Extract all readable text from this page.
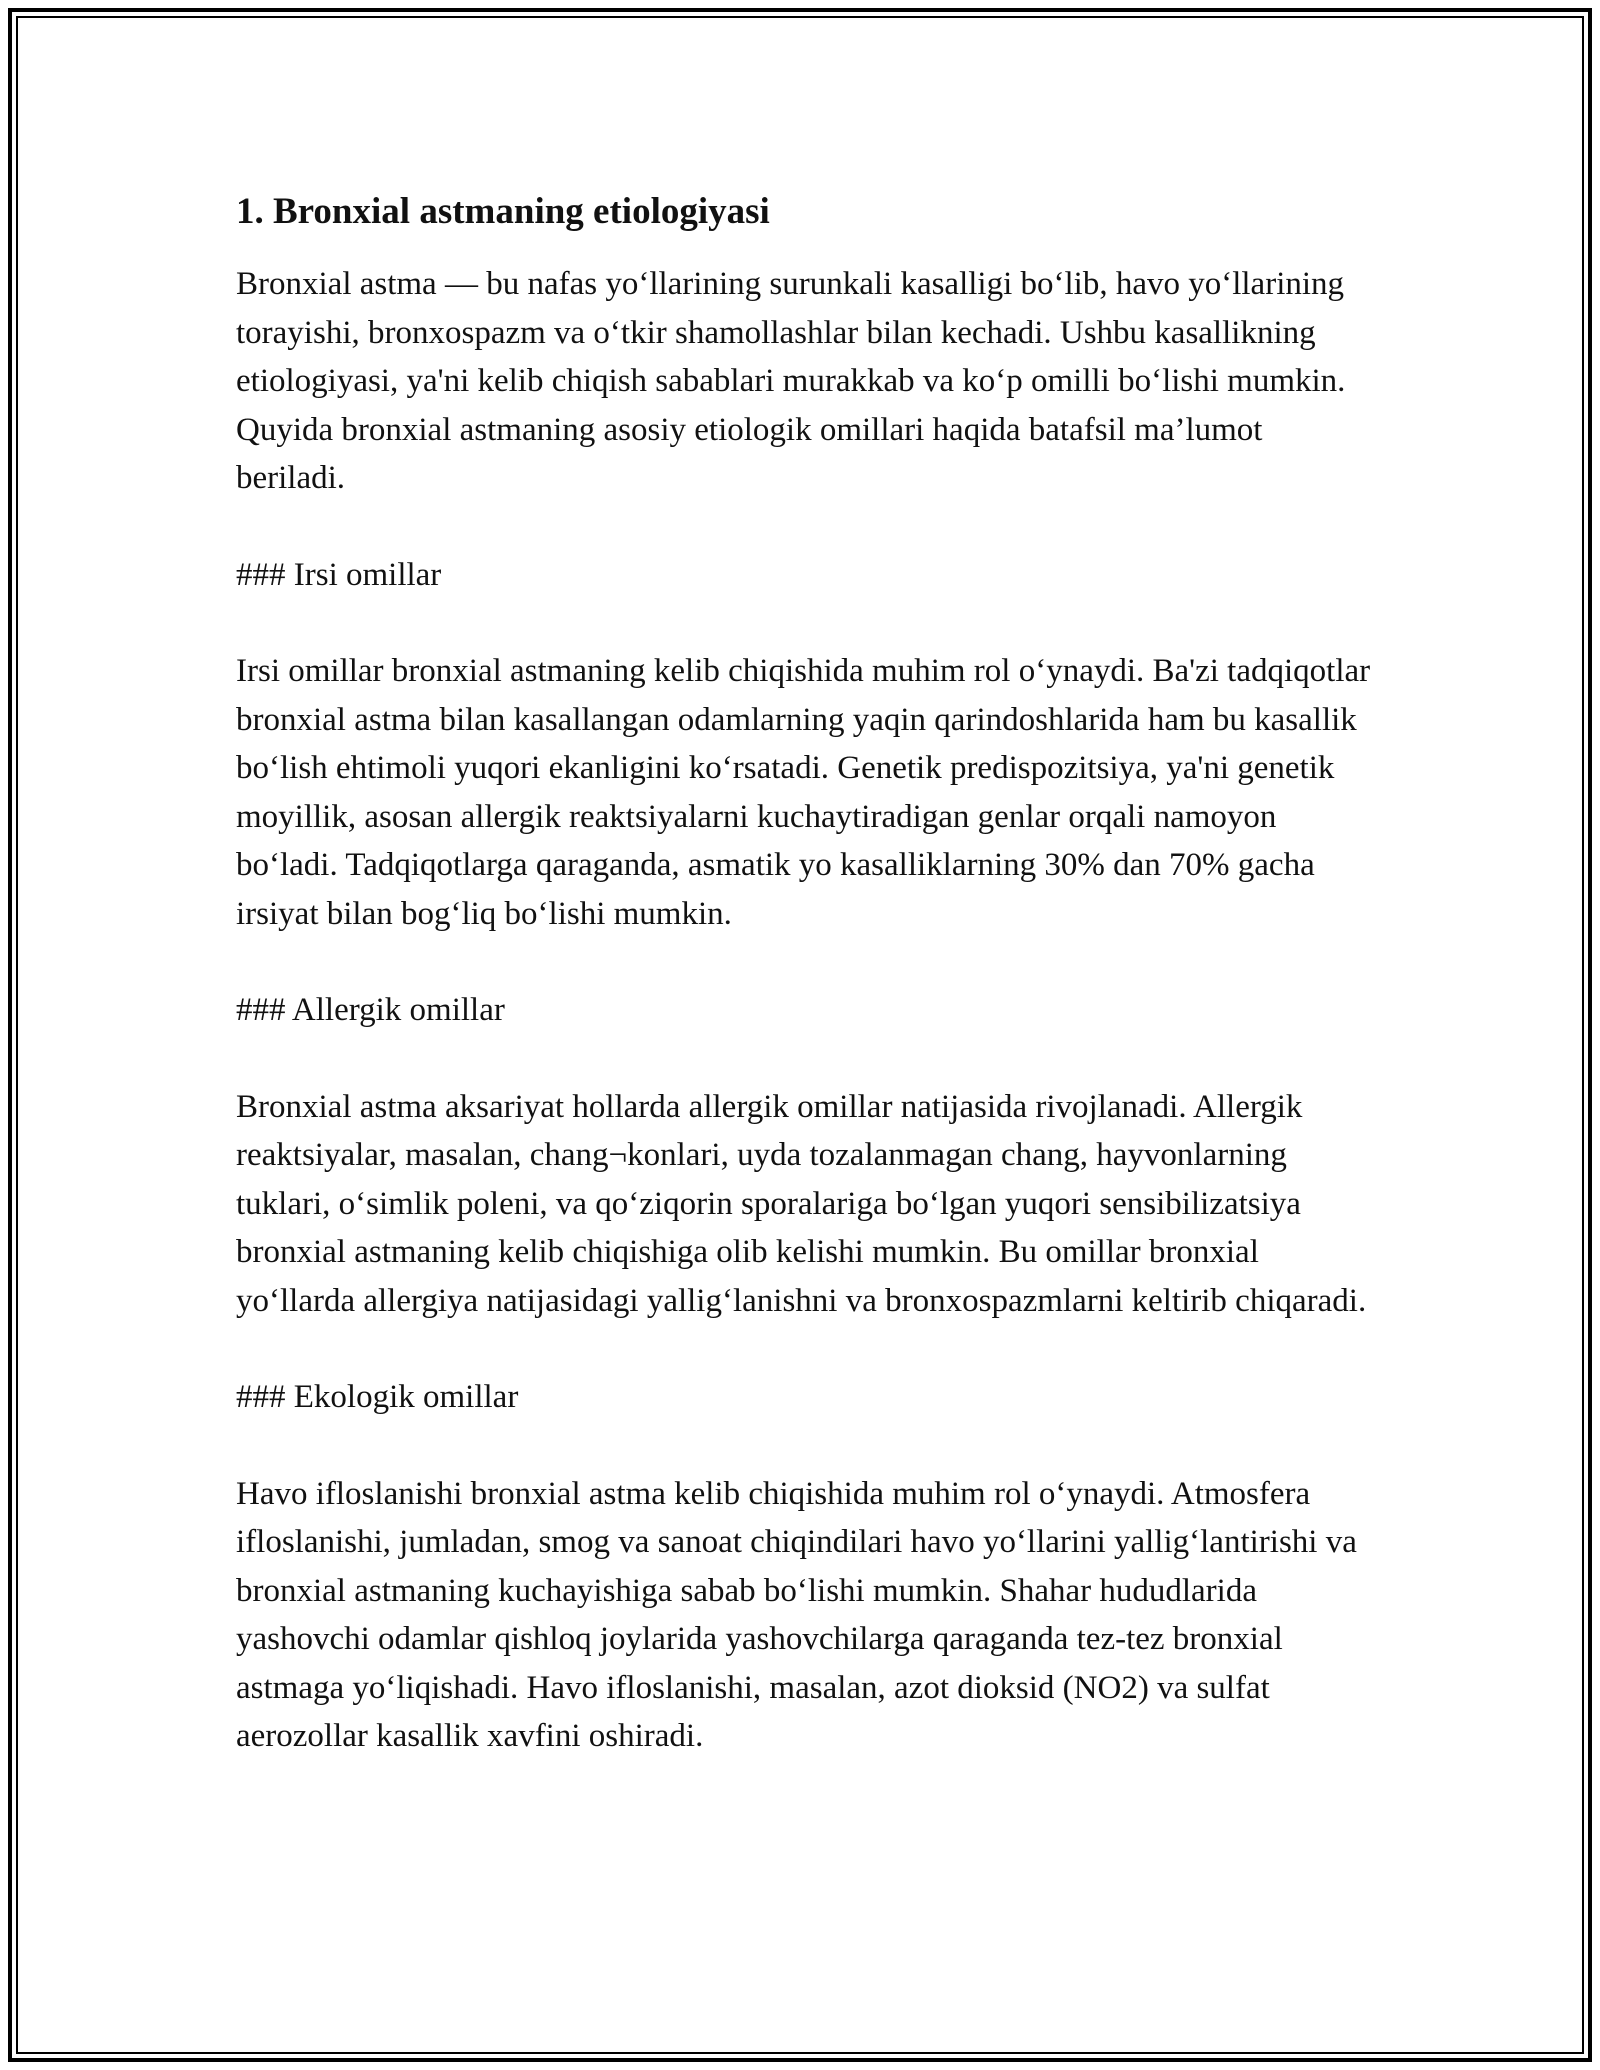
1. Bronxial astmaning etiologiyasi

Bronxial astma — bu nafas yo‘llarining surunkali kasalligi bo‘lib, havo yo‘llarining torayishi, bronxospazm va o‘tkir shamollashlar bilan kechadi. Ushbu kasallikning etiologiyasi, ya'ni kelib chiqish sabablari murakkab va ko‘p omilli bo‘lishi mumkin. Quyida bronxial astmaning asosiy etiologik omillari haqida batafsil ma’lumot beriladi.

### Irsi omillar

Irsi omillar bronxial astmaning kelib chiqishida muhim rol o‘ynaydi. Ba'zi tadqiqotlar bronxial astma bilan kasallangan odamlarning yaqin qarindoshlarida ham bu kasallik bo‘lish ehtimoli yuqori ekanligini ko‘rsatadi. Genetik predispozitsiya, ya'ni genetik moyillik, asosan allergik reaktsiyalarni kuchaytiradigan genlar orqali namoyon bo‘ladi. Tadqiqotlarga qaraganda, asmatik yo kasalliklarning 30% dan 70% gacha irsiyat bilan bog‘liq bo‘lishi mumkin.

### Allergik omillar

Bronxial astma aksariyat hollarda allergik omillar natijasida rivojlanadi. Allergik reaktsiyalar, masalan, chang¬konlari, uyda tozalanmagan chang, hayvonlarning tuklari, o‘simlik poleni, va qo‘ziqorin sporalariga bo‘lgan yuqori sensibilizatsiya bronxial astmaning kelib chiqishiga olib kelishi mumkin. Bu omillar bronxial yo‘llarda allergiya natijasidagi yallig‘lanishni va bronxospazmlarni keltirib chiqaradi.

### Ekologik omillar

Havo ifloslanishi bronxial astma kelib chiqishida muhim rol o‘ynaydi. Atmosfera ifloslanishi, jumladan, smog va sanoat chiqindilari havo yo‘llarini yallig‘lantirishi va bronxial astmaning kuchayishiga sabab bo‘lishi mumkin. Shahar hududlarida yashovchi odamlar qishloq joylarida yashovchilarga qaraganda tez-tez bronxial astmaga yo‘liqishadi. Havo ifloslanishi, masalan, azot dioksid (NO2) va sulfat aerozollar kasallik xavfini oshiradi.
